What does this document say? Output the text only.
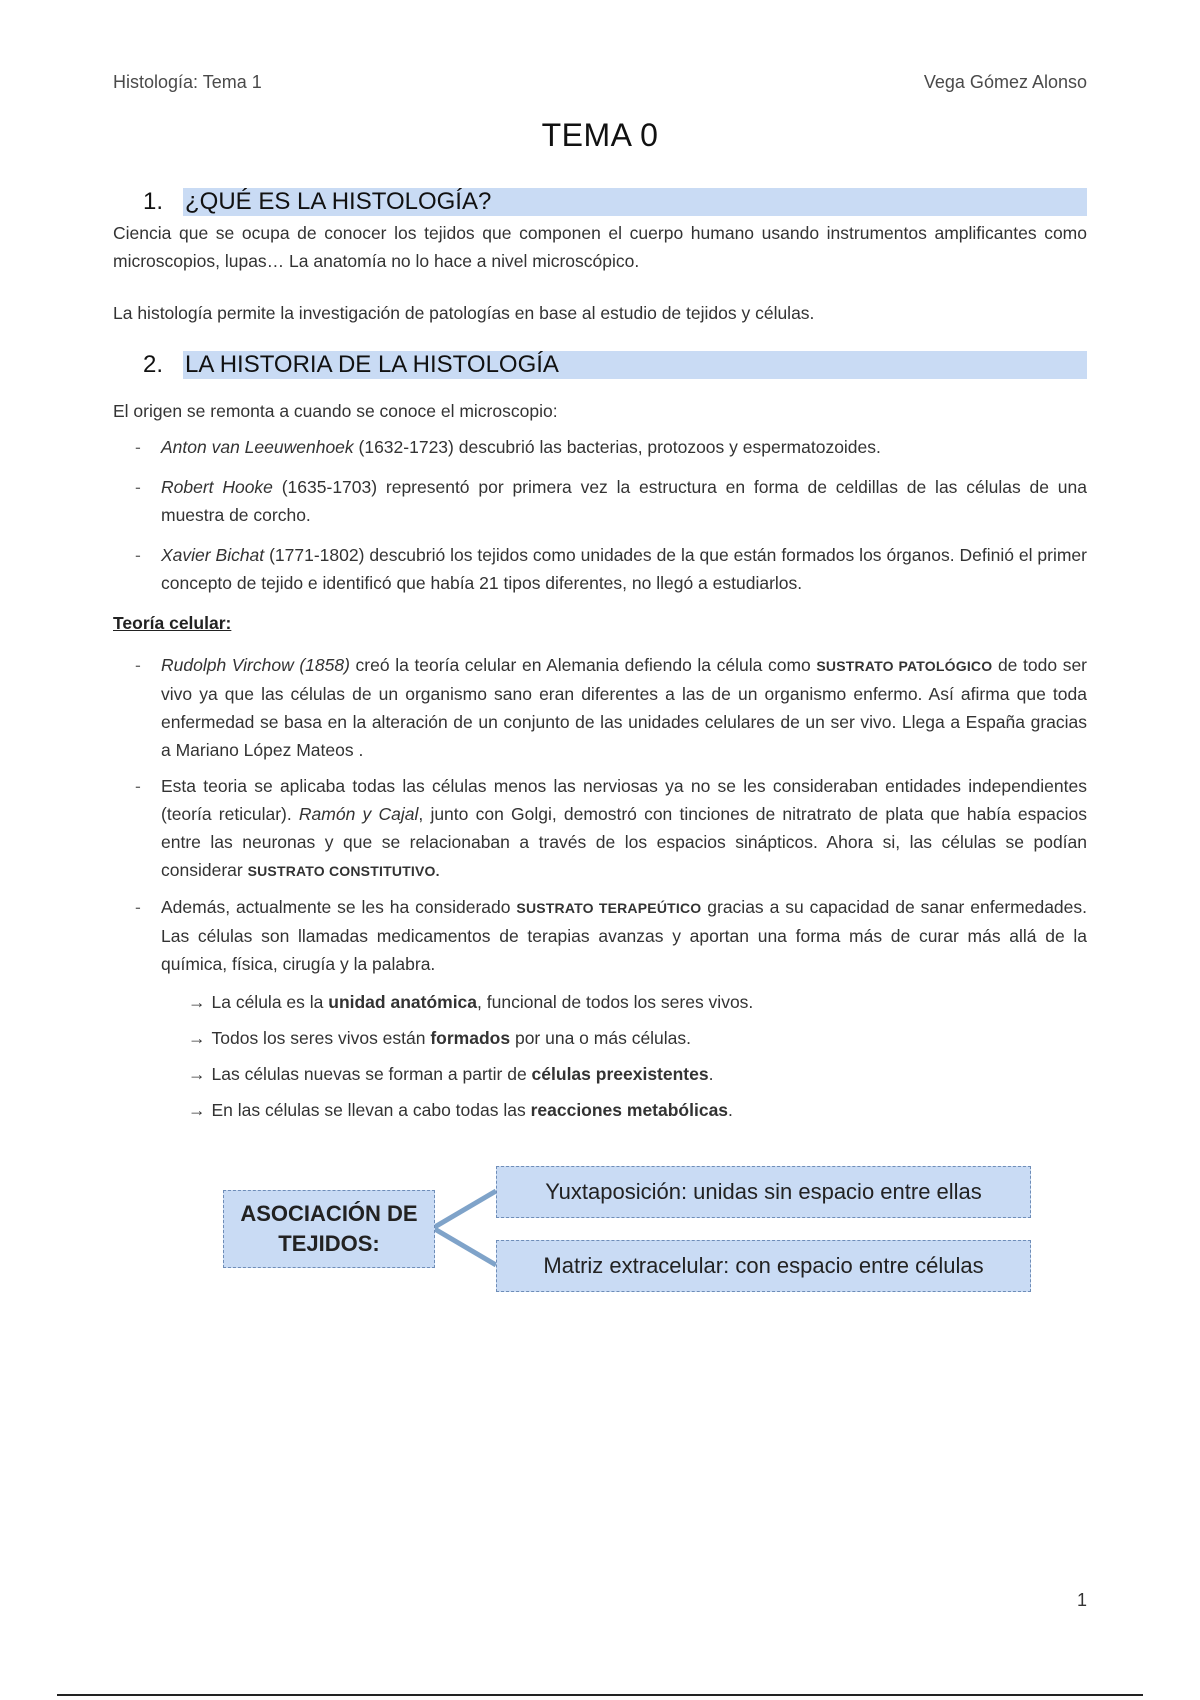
Histología: Tema 1	Vega Gómez Alonso
TEMA 0
1. ¿QUÉ ES LA HISTOLOGÍA?
Ciencia que se ocupa de conocer los tejidos que componen el cuerpo humano usando instrumentos amplificantes como microscopios, lupas… La anatomía no lo hace a nivel microscópico.
La histología permite la investigación de patologías en base al estudio de tejidos y células.
2. LA HISTORIA DE LA HISTOLOGÍA
El origen se remonta a cuando se conoce el microscopio:
- Anton van Leeuwenhoek (1632-1723) descubrió las bacterias, protozoos y espermatozoides.
- Robert Hooke (1635-1703) representó por primera vez la estructura en forma de celdillas de las células de una muestra de corcho.
- Xavier Bichat (1771-1802) descubrió los tejidos como unidades de la que están formados los órganos. Definió el primer concepto de tejido e identificó que había 21 tipos diferentes, no llegó a estudiarlos.
Teoría celular:
- Rudolph Virchow (1858) creó la teoría celular en Alemania defiendo la célula como SUSTRATO PATOLÓGICO de todo ser vivo ya que las células de un organismo sano eran diferentes a las de un organismo enfermo. Así afirma que toda enfermedad se basa en la alteración de un conjunto de las unidades celulares de un ser vivo. Llega a España gracias a Mariano López Mateos .
- Esta teoria se aplicaba todas las células menos las nerviosas ya no se les consideraban entidades independientes (teoría reticular). Ramón y Cajal, junto con Golgi, demostró con tinciones de nitratrato de plata que había espacios entre las neuronas y que se relacionaban a través de los espacios sinápticos. Ahora si, las células se podían considerar SUSTRATO CONSTITUTIVO.
- Además, actualmente se les ha considerado SUSTRATO TERAPEÚTICO gracias a su capacidad de sanar enfermedades. Las células son llamadas medicamentos de terapias avanzas y aportan una forma más de curar más allá de la química, física, cirugía y la palabra.
→ La célula es la unidad anatómica, funcional de todos los seres vivos.
→ Todos los seres vivos están formados por una o más células.
→ Las células nuevas se forman a partir de células preexistentes.
→ En las células se llevan a cabo todas las reacciones metabólicas.
ASOCIACIÓN DE TEJIDOS:
Yuxtaposición: unidas sin espacio entre ellas
Matriz extracelular: con espacio entre células
1
